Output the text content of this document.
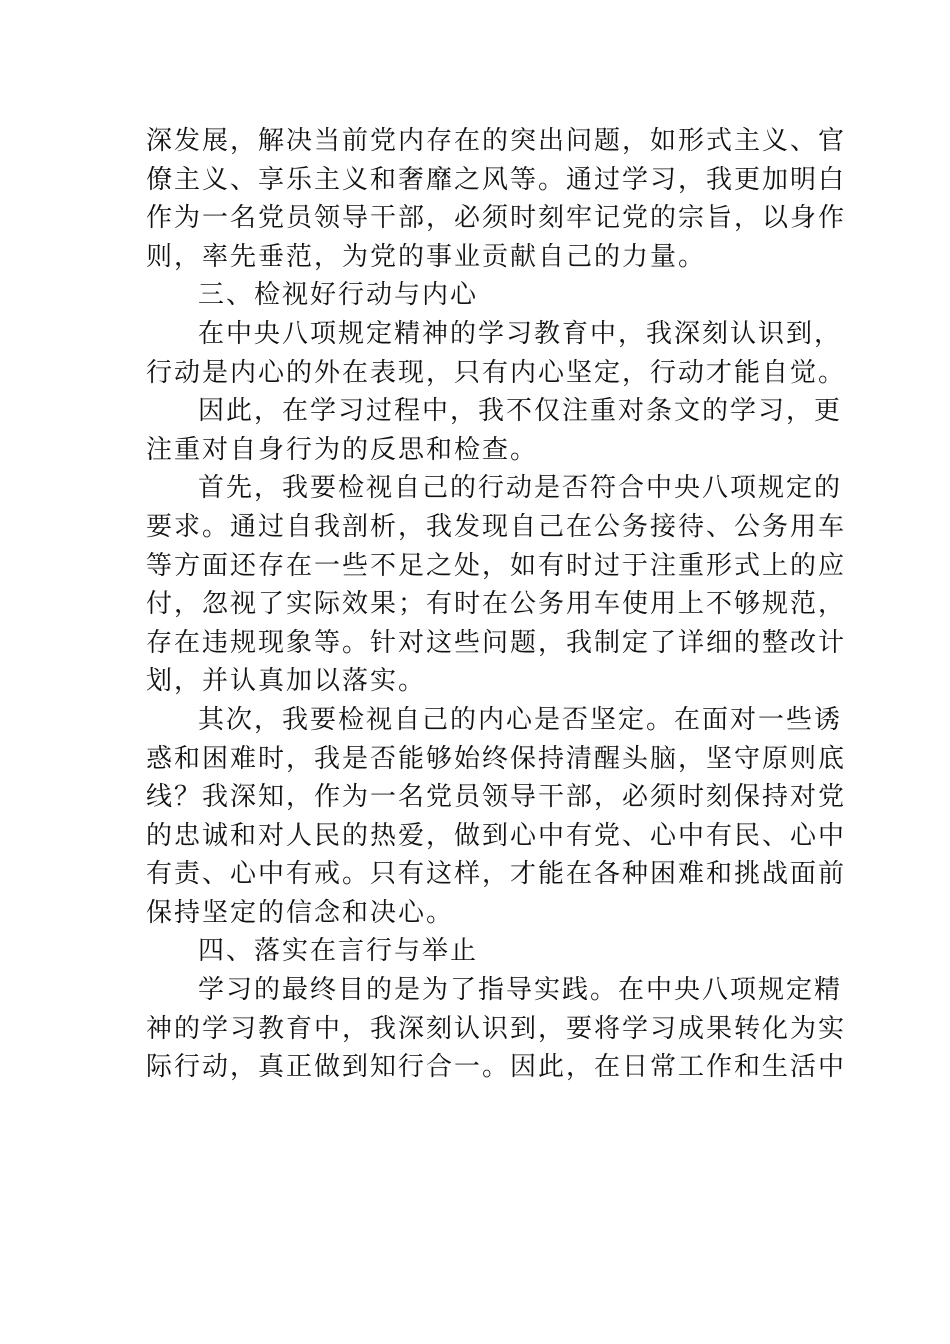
深发展，解决当前党内存在的突出问题，如形式主义、官
僚主义、享乐主义和奢靡之风等。通过学习，我更加明白
作为一名党员领导干部，必须时刻牢记党的宗旨，以身作
则，率先垂范，为党的事业贡献自己的力量。
三、检视好行动与内心
在中央八项规定精神的学习教育中，我深刻认识到，
行动是内心的外在表现，只有内心坚定，行动才能自觉。
因此，在学习过程中，我不仅注重对条文的学习，更
注重对自身行为的反思和检查。
首先，我要检视自己的行动是否符合中央八项规定的
要求。通过自我剖析，我发现自己在公务接待、公务用车
等方面还存在一些不足之处，如有时过于注重形式上的应
付，忽视了实际效果；有时在公务用车使用上不够规范，
存在违规现象等。针对这些问题，我制定了详细的整改计
划，并认真加以落实。
其次，我要检视自己的内心是否坚定。在面对一些诱
惑和困难时，我是否能够始终保持清醒头脑，坚守原则底
线？我深知，作为一名党员领导干部，必须时刻保持对党
的忠诚和对人民的热爱，做到心中有党、心中有民、心中
有责、心中有戒。只有这样，才能在各种困难和挑战面前
保持坚定的信念和决心。
四、落实在言行与举止
学习的最终目的是为了指导实践。在中央八项规定精
神的学习教育中，我深刻认识到，要将学习成果转化为实
际行动，真正做到知行合一。因此，在日常工作和生活中
